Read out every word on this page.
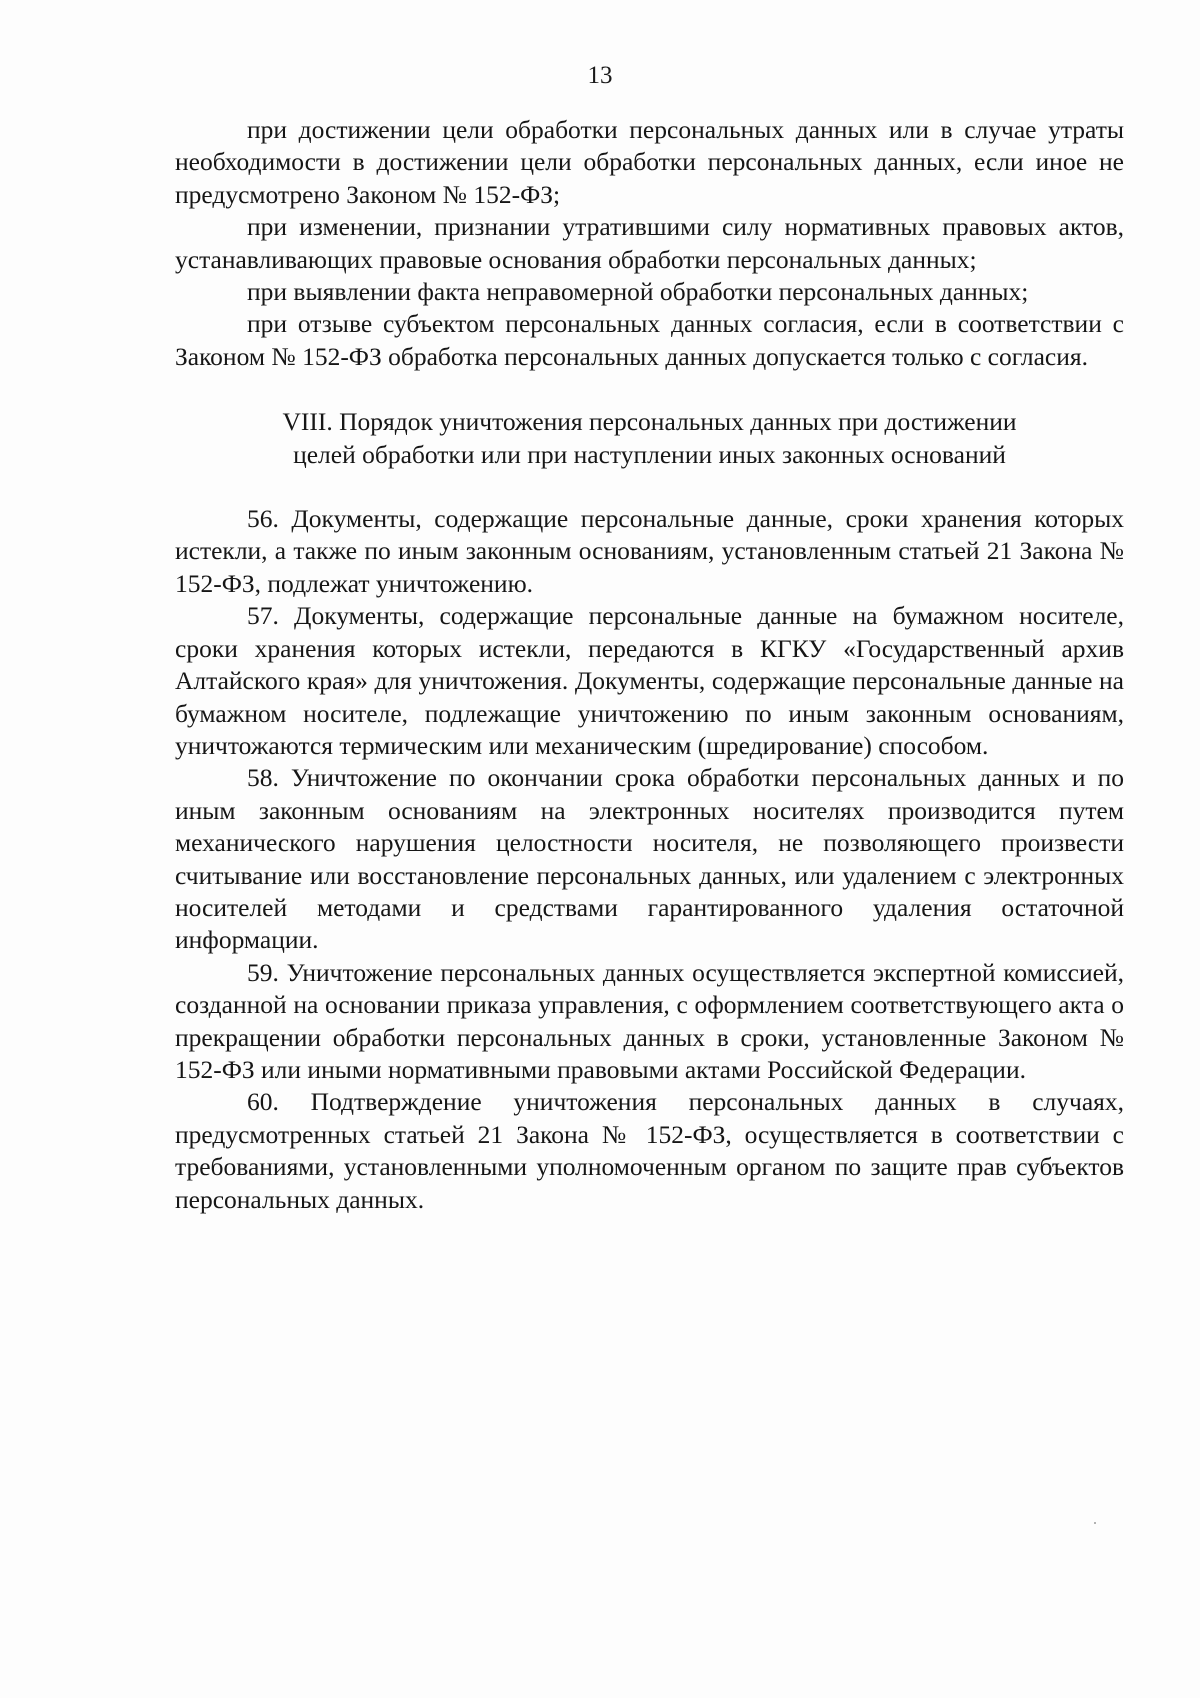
13

при достижении цели обработки персональных данных или в случае утраты необходимости в достижении цели обработки персональных данных, если иное не предусмотрено Законом № 152-ФЗ;

при изменении, признании утратившими силу нормативных правовых актов, устанавливающих правовые основания обработки персональных данных;

при выявлении факта неправомерной обработки персональных данных;

при отзыве субъектом персональных данных согласия, если в соответствии с Законом № 152-ФЗ обработка персональных данных допускается только с согласия.

VIII. Порядок уничтожения персональных данных при достижении
целей обработки или при наступлении иных законных оснований

56. Документы, содержащие персональные данные, сроки хранения которых истекли, а также по иным законным основаниям, установленным статьей 21 Закона № 152-ФЗ, подлежат уничтожению.

57. Документы, содержащие персональные данные на бумажном носителе, сроки хранения которых истекли, передаются в КГКУ «Государственный архив Алтайского края» для уничтожения. Документы, содержащие персональные данные на бумажном носителе, подлежащие уничтожению по иным законным основаниям, уничтожаются термическим или механическим (шредирование) способом.

58. Уничтожение по окончании срока обработки персональных данных и по иным законным основаниям на электронных носителях производится путем механического нарушения целостности носителя, не позволяющего произвести считывание или восстановление персональных данных, или удалением с электронных носителей методами и средствами гарантированного удаления остаточной информации.

59. Уничтожение персональных данных осуществляется экспертной комиссией, созданной на основании приказа управления, с оформлением соответствующего акта о прекращении обработки персональных данных в сроки, установленные Законом № 152-ФЗ или иными нормативными правовыми актами Российской Федерации.

60. Подтверждение уничтожения персональных данных в случаях, предусмотренных статьей 21 Закона № 152-ФЗ, осуществляется в соответствии с требованиями, установленными уполномоченным органом по защите прав субъектов персональных данных.
